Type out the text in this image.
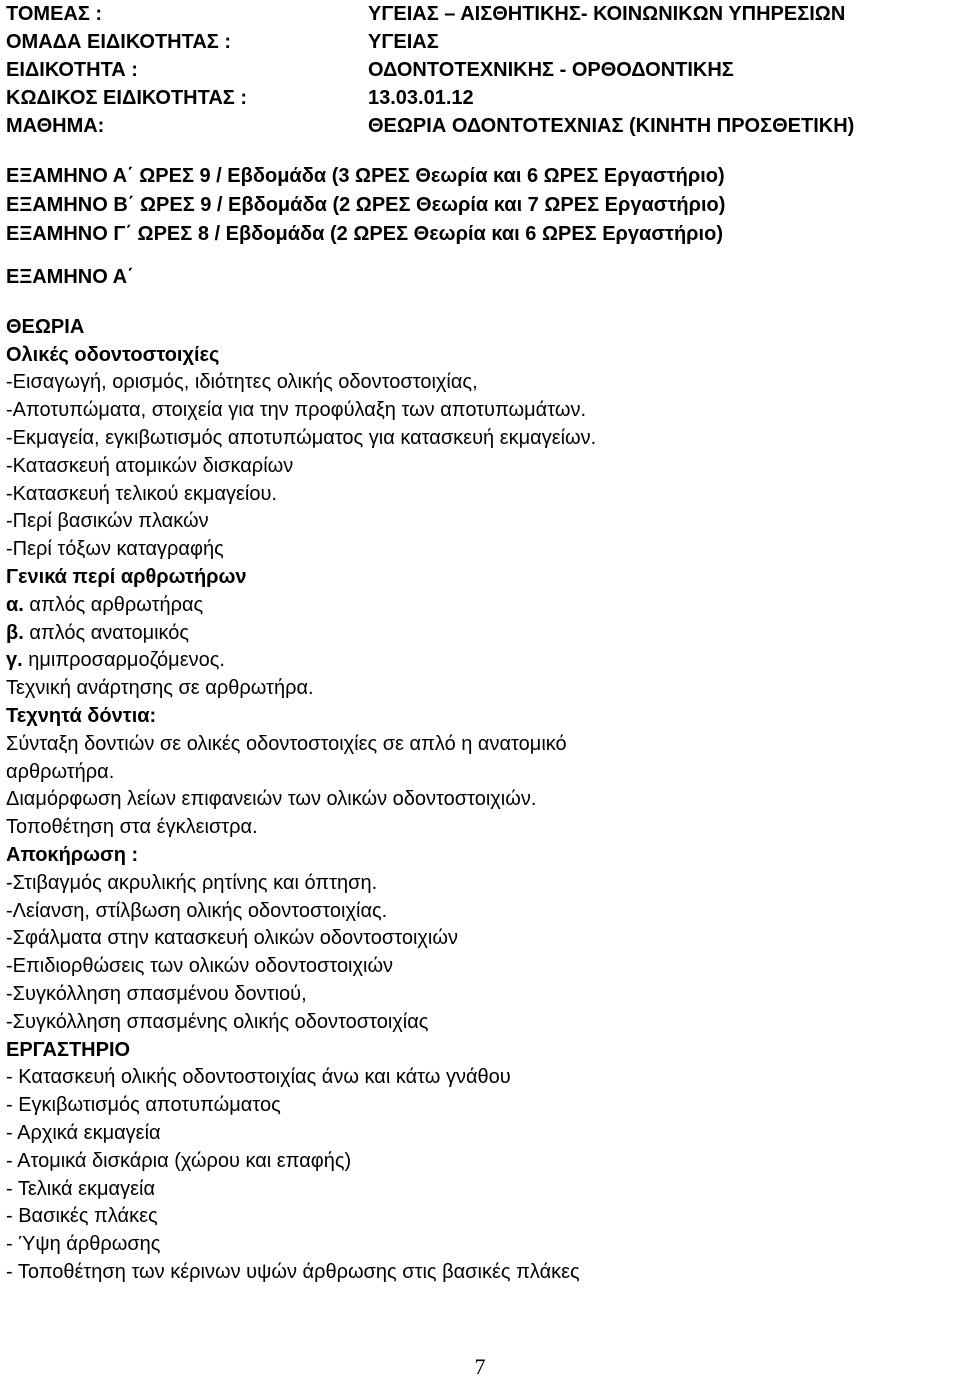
ΤΟΜΕΑΣ :	ΥΓΕΙΑΣ – ΑΙΣΘΗΤΙΚΗΣ- ΚΟΙΝΩΝΙΚΩΝ ΥΠΗΡΕΣΙΩΝ
ΟΜΑΔΑ ΕΙΔΙΚΟΤΗΤΑΣ :	ΥΓΕΙΑΣ
ΕΙΔΙΚΟΤΗΤΑ :	ΟΔΟΝΤΟΤΕΧΝΙΚΗΣ - ΟΡΘΟΔΟΝΤΙΚΗΣ
ΚΩΔΙΚΟΣ ΕΙΔΙΚΟΤΗΤΑΣ :	13.03.01.12
ΜΑΘΗΜΑ:	ΘΕΩΡΙΑ ΟΔΟΝΤΟΤΕΧΝΙΑΣ (ΚΙΝΗΤΗ ΠΡΟΣΘΕΤΙΚΗ)
ΕΞΑΜΗΝΟ Α΄ ΩΡΕΣ 9 / Εβδομάδα (3 ΩΡΕΣ Θεωρία και 6 ΩΡΕΣ Εργαστήριο)
ΕΞΑΜΗΝΟ Β΄ ΩΡΕΣ 9 / Εβδομάδα (2 ΩΡΕΣ Θεωρία και 7 ΩΡΕΣ Εργαστήριο)
ΕΞΑΜΗΝΟ Γ΄ ΩΡΕΣ 8 / Εβδομάδα (2 ΩΡΕΣ Θεωρία και 6 ΩΡΕΣ Εργαστήριο)
ΕΞΑΜΗΝΟ Α΄
ΘΕΩΡΙΑ
Ολικές οδοντοστοιχίες
-Εισαγωγή, ορισμός, ιδιότητες ολικής οδοντοστοιχίας,
-Αποτυπώματα, στοιχεία για την προφύλαξη των αποτυπωμάτων.
-Εκμαγεία, εγκιβωτισμός αποτυπώματος για κατασκευή εκμαγείων.
-Κατασκευή ατομικών δισκαρίων
-Κατασκευή τελικού εκμαγείου.
-Περί βασικών πλακών
-Περί τόξων καταγραφής
Γενικά περί αρθρωτήρων
α. απλός αρθρωτήρας
β. απλός ανατομικός
γ. ημιπροσαρμοζόμενος.
Τεχνική ανάρτησης σε αρθρωτήρα.
Τεχνητά δόντια:
Σύνταξη δοντιών σε ολικές οδοντοστοιχίες σε απλό η ανατομικό
αρθρωτήρα.
Διαμόρφωση λείων επιφανειών των ολικών οδοντοστοιχιών.
Τοποθέτηση στα έγκλειστρα.
Αποκήρωση :
-Στιβαγμός ακρυλικής ρητίνης και όπτηση.
-Λείανση, στίλβωση ολικής οδοντοστοιχίας.
-Σφάλματα στην κατασκευή ολικών οδοντοστοιχιών
-Επιδιορθώσεις των ολικών οδοντοστοιχιών
-Συγκόλληση σπασμένου δοντιού,
-Συγκόλληση σπασμένης ολικής οδοντοστοιχίας
ΕΡΓΑΣΤΗΡΙΟ
- Κατασκευή ολικής οδοντοστοιχίας άνω και κάτω γνάθου
- Εγκιβωτισμός αποτυπώματος
- Αρχικά εκμαγεία
- Ατομικά δισκάρια (χώρου και επαφής)
- Τελικά εκμαγεία
- Βασικές πλάκες
- Ύψη άρθρωσης
- Τοποθέτηση των κέρινων υψών άρθρωσης στις βασικές πλάκες
7
